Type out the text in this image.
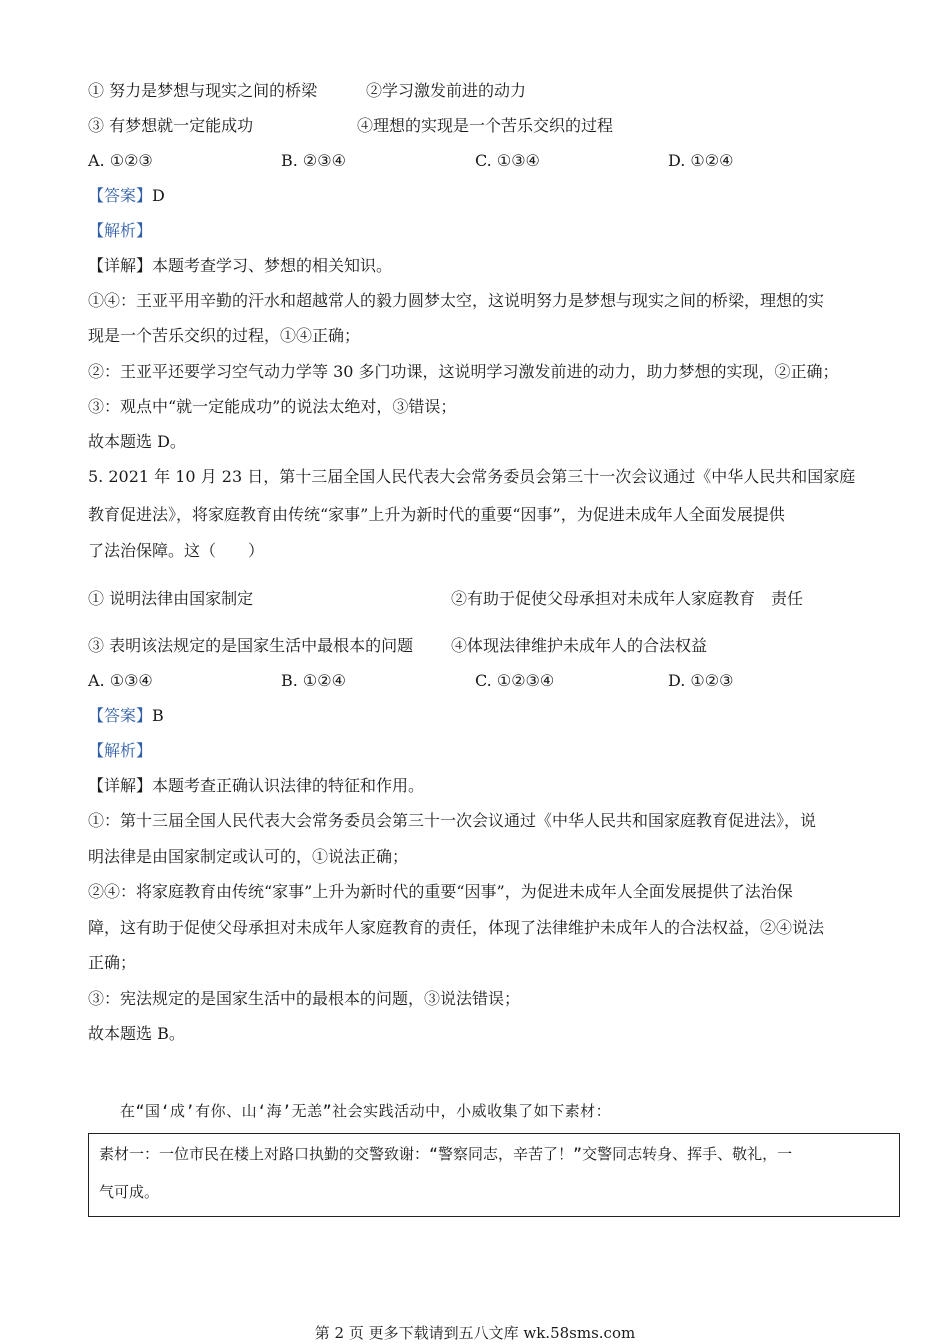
① 努力是梦想与现实之间的桥梁	②学习激发前进的动力
③ 有梦想就一定能成功	④理想的实现是一个苦乐交织的过程
A. ①②③	B. ②③④	C. ①③④	D. ①②④
【答案】D
【解析】
【详解】本题考查学习、梦想的相关知识。
①④：王亚平用辛勤的汗水和超越常人的毅力圆梦太空，这说明努力是梦想与现实之间的桥梁，理想的实
现是一个苦乐交织的过程，①④正确；
②：王亚平还要学习空气动力学等 30 多门功课，这说明学习激发前进的动力，助力梦想的实现，②正确；
③：观点中“就一定能成功”的说法太绝对，③错误；
故本题选 D。
5. 2021 年 10 月 23 日，第十三届全国人民代表大会常务委员会第三十一次会议通过《中华人民共和国家庭
教育促进法》，将家庭教育由传统“家事”上升为新时代的重要“因事”，为促进未成年人全面发展提供
了法治保障。这（　　）
① 说明法律由国家制定	②有助于促使父母承担对未成年人家庭教育　责任
③ 表明该法规定的是国家生活中最根本的问题 ④体现法律维护未成年人的合法权益
A. ①③④	B. ①②④	C. ①②③④	D. ①②③
【答案】B
【解析】
【详解】本题考查正确认识法律的特征和作用。
①：第十三届全国人民代表大会常务委员会第三十一次会议通过《中华人民共和国家庭教育促进法》，说
明法律是由国家制定或认可的，①说法正确；
②④：将家庭教育由传统“家事”上升为新时代的重要“因事”，为促进未成年人全面发展提供了法治保
障，这有助于促使父母承担对未成年人家庭教育的责任，体现了法律维护未成年人的合法权益，②④说法
正确；
③：宪法规定的是国家生活中的最根本的问题，③说法错误；
故本题选 B。
在“国‘成’有你、山‘海’无恙”社会实践活动中，小威收集了如下素材：
素材一：一位市民在楼上对路口执勤的交警致谢：“警察同志，辛苦了！”交警同志转身、挥手、敬礼，一
气可成。
第 2 页 更多下载请到五八文库 wk.58sms.com
